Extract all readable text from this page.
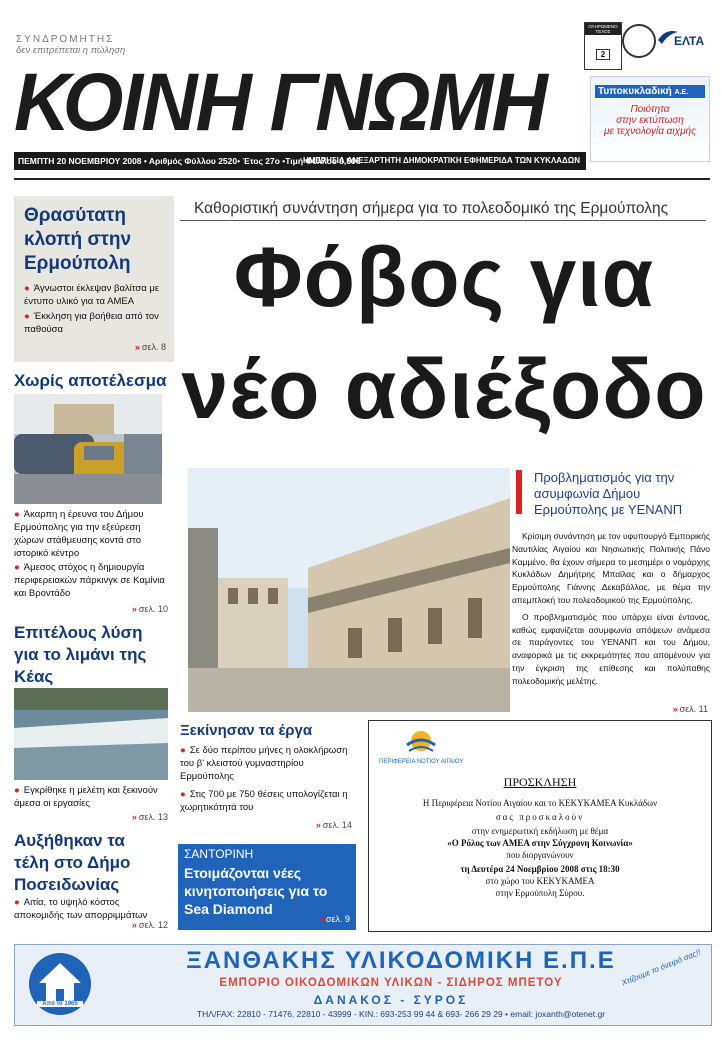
ΣΥΝΔΡΟΜΗΤΗΣ
δεν επιτρέπεται η πώληση
ΚΟΙΝΗ ΓΝΩΜΗ
ΠΛΗΡΩΜΕΝΟ ΤΕΛΟΣ
2
ΕΛΤΑ
Τυποκυκλαδική Α.Ε.
Ποιότητα
στην εκτύπωση
με τεχνολογία αιχμής
ΠΕΜΠΤΗ 20 ΝΟΕΜΒΡΙΟΥ 2008 • Αριθμός Φύλλου 2520• Έτος 27ο •Τιμή Φύλλου 0,50€
ΗΜΕΡΗΣΙΑ ΑΝΕΞΑΡΤΗΤΗ ΔΗΜΟΚΡΑΤΙΚΗ ΕΦΗΜΕΡΙΔΑ ΤΩΝ ΚΥΚΛΑΔΩΝ
Θρασύτατη κλοπή στην Ερμούπολη
● Άγνωστοι έκλεψαν βαλίτσα με έντυπο υλικό για τα ΑΜΕΑ
● Έκκληση για βοήθεια από τον παθούσα
» σελ. 8
Χωρίς αποτέλεσμα
● Άκαρπη η έρευνα του Δήμου Ερμούπολης για την εξεύρεση χώρων στάθμευσης κοντά στο ιστορικό κέντρο
● Άμεσος στόχος η δημιουργία περιφερειακών πάρκινγκ σε Καμίνια και Βροντάδο
» σελ. 10
Επιτέλους λύση για το λιμάνι της Κέας
● Εγκρίθηκε η μελέτη και ξεκινούν άμεσα οι εργασίες
» σελ. 13
Αυξήθηκαν τα τέλη στο Δήμο Ποσειδωνίας
● Αιτία, το υψηλό κόστος αποκομιδής των απορριμμάτων
» σελ. 12
Καθοριστική συνάντηση σήμερα για το πολεοδομικό της Ερμούπολης
Φόβος για
νέο αδιέξοδο
Προβληματισμός για την ασυμφωνία Δήμου Ερμούπολης με ΥΕΝΑΝΠ

Κρίσιμη συνάντηση με τον υφυπουργό Εμπορικής Ναυτιλίας Αιγαίου και Νησιωτικής Πολιτικής Πάνο Καμμένο, θα έχουν σήμερα το μεσημέρι ο νομάρχης Κυκλάδων Δημήτρης Μπαϊλας και ο δήμαρχος Ερμούπολης Γιάννης Δεκαβάλλας, με θέμα την απεμπλοκή του πολεοδομικού της Ερμούπολης.

Ο προβληματισμός που υπάρχει είναι έντονος, καθώς εμφανίζεται ασυμφωνία απόψεων ανάμεσα σε παράγοντες του ΥΕΝΑΝΠ και του Δήμου, αναφορικά με τις εκκρεμότητες που απομένουν για την έγκριση της επίθεσης και πολύπαθης πολεοδομικής μελέτης.

» σελ. 11
Ξεκίνησαν τα έργα
● Σε δύο περίπου μήνες η ολοκλήρωση του β' κλειστού γυμναστηρίου Ερμούπολης
● Στις 700 με 750 θέσεις υπολογίζεται η χωρητικότητά του
» σελ. 14
ΣΑΝΤΟΡΙΝΗ
Ετοιμάζονται νέες κινητοποιήσεις για το Sea Diamond
»σελ. 9
ΠΕΡΙΦΕΡΕΙΑ ΝΟΤΙΟΥ ΑΙΓΑΙΟΥ
ΠΡΟΣΚΛΗΣΗ
Η Περιφέρεια Νοτίου Αιγαίου και το ΚΕΚΥΚΑΜΕΑ Κυκλάδων
σας προσκαλούν
στην ενημερωτική εκδήλωση με θέμα
«Ο Ρόλος των ΑΜΕΑ στην Σύγχρονη Κοινωνία»
που διοργανώνουν
τη Δευτέρα 24 Νοεμβρίου 2008 στις 18:30
στο χώρο του ΚΕΚΥΚΑΜΕΑ
στην Ερμούπολη Σύρου.
Από το 1965
ΞΑΝΘΑΚΗΣ ΥΛΙΚΟΔΟΜΙΚΗ Ε.Π.Ε
ΕΜΠΟΡΙΟ ΟΙΚΟΔΟΜΙΚΩΝ ΥΛΙΚΩΝ - ΣΙΔΗΡΟΣ ΜΠΕΤΟΥ
ΔΑΝΑΚΟΣ - ΣΥΡΟΣ
ΤΗΛ/FAX: 22810 - 71476, 22810 - 43999 - ΚΙΝ.: 693-253 99 44 & 693- 266 29 29 • email: joxanth@otenet.gr
Χτίζουμε το όνειρό σας!!
